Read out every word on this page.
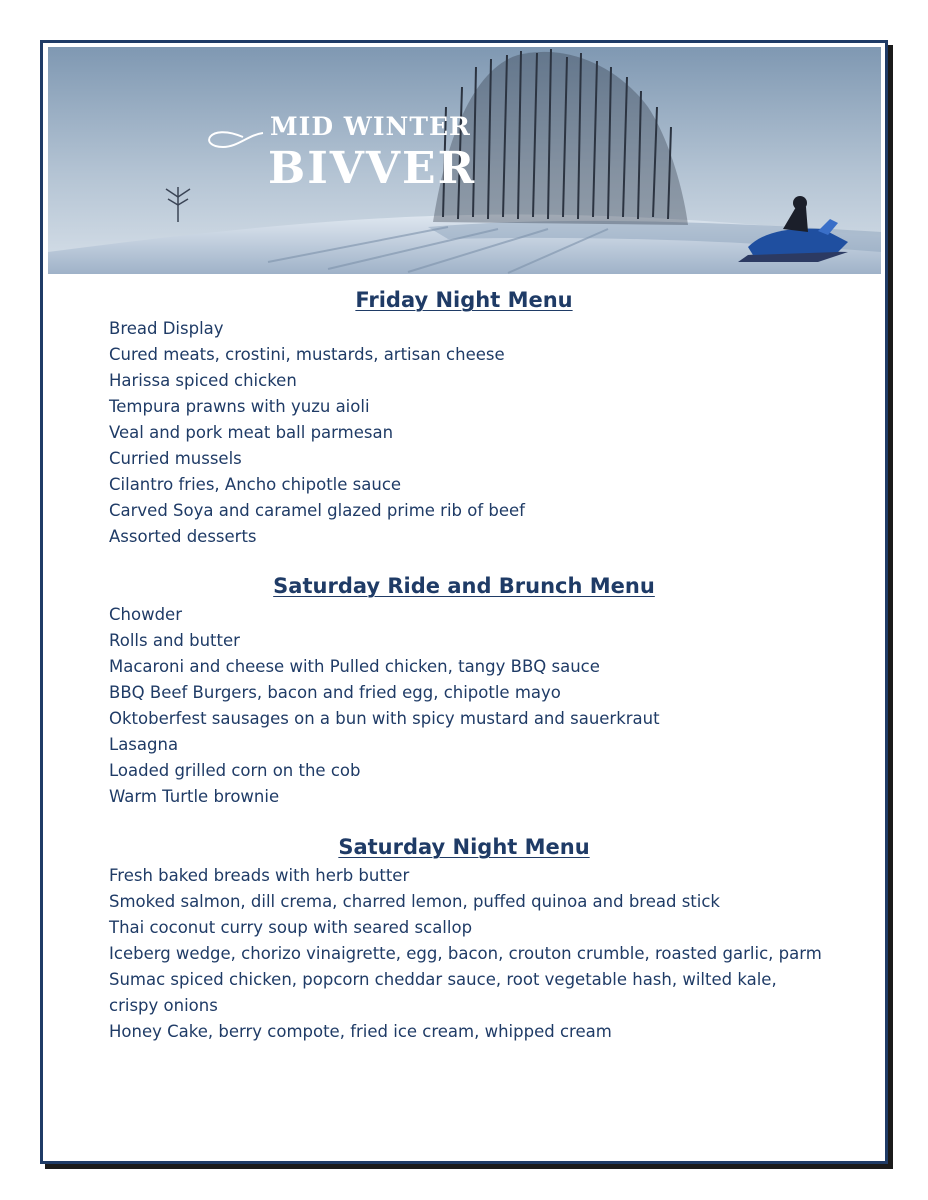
MID WINTER
BIVVER
Friday Night Menu
Bread Display
Cured meats, crostini, mustards, artisan cheese
Harissa spiced chicken
Tempura prawns with yuzu aioli
Veal and pork meat ball parmesan
Curried mussels
Cilantro fries, Ancho chipotle sauce
Carved Soya and caramel glazed prime rib of beef
Assorted desserts
Saturday Ride and Brunch Menu
Chowder
Rolls and butter
Macaroni and cheese with Pulled chicken, tangy BBQ sauce
BBQ Beef Burgers, bacon and fried egg, chipotle mayo
Oktoberfest sausages on a bun with spicy mustard and sauerkraut
Lasagna
Loaded grilled corn on the cob
Warm Turtle brownie
Saturday Night Menu
Fresh baked breads with herb butter
Smoked salmon, dill crema, charred lemon, puffed quinoa and bread stick
Thai coconut curry soup with seared scallop
Iceberg wedge, chorizo vinaigrette, egg, bacon, crouton crumble, roasted garlic, parm
Sumac spiced chicken, popcorn cheddar sauce, root vegetable hash, wilted kale, crispy onions
Honey Cake, berry compote, fried ice cream, whipped cream
